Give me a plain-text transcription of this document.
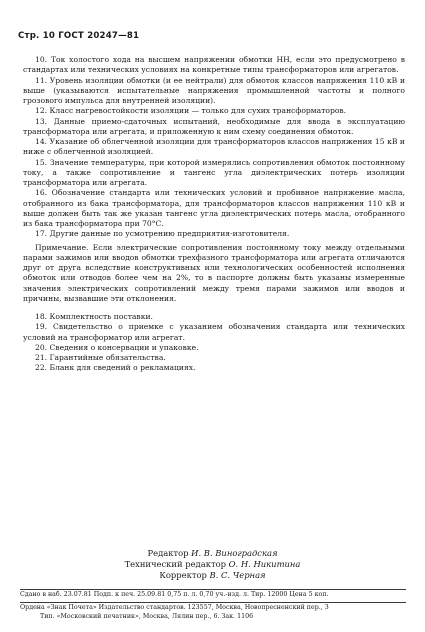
Стр. 10 ГОСТ 20247—81

10. Ток холостого хода на высшем напряжении обмотки НН, если это предусмотрено в стандартах или технических условиях на конкретные типы трансформаторов или агрегатов.

11. Уровень изоляции обмотки (и ее нейтрали) для обмоток классов напряжения 110 кВ и выше (указываются испытательные напряжения промышленной частоты и полного грозового импульса для внутренней изоляции).

12. Класс нагревостойкости изоляции — только для сухих трансформаторов.

13. Данные приемо-сдаточных испытаний, необходимые для ввода в эксплуатацию трансформатора или агрегата, и приложенную к ним схему соединения обмоток.

14. Указание об облегченной изоляции для трансформаторов классов напряжения 15 кВ и ниже с облегченной изоляцией.

15. Значение температуры, при которой измерялись сопротивления обмоток постоянному току, а также сопротивление и тангенс угла диэлектрических потерь изоляции трансформатора или агрегата.

16. Обозначение стандарта или технических условий и пробивное напряжение масла, отобранного из бака трансформатора, для трансформаторов классов напряжения 110 кВ и выше должен быть так же указан тангенс угла диэлектрических потерь масла, отобранного из бака трансформатора при 70°С.

17. Другие данные по усмотрению предприятия-изготовителя.

Примечание. Если электрические сопротивления постоянному току между отдельными парами зажимов или вводов обмотки трехфазного трансформатора или агрегата отличаются друг от друга вследствие конструктивных или технологических особенностей исполнения обмоток или отводов более чем на 2%, то в паспорте должны быть указаны измеренные значения электрических сопротивлений между тремя парами зажимов или вводов и причины, вызвавшие эти отклонения.

18. Комплектность поставки.

19. Свидетельство о приемке с указанием обозначения стандарта или технических условий на трансформатор или агрегат.

20. Сведения о консервации и упаковке.

21. Гарантийные обязательства.

22. Бланк для сведений о рекламациях.

Редактор И. В. Виноградская
Технический редактор О. Н. Никитина
Корректор В. С. Черная
Сдано в наб. 23.07.81 Подп. к печ. 25.09.81 0,75 п. л. 0,70 уч.-изд. л. Тир. 12000 Цена 5 коп.
Ордена «Знак Почета» Издательство стандартов. 123557, Москва, Новопресненский пер., 3
Тип. «Московский печатник», Москва, Лялин пер., 6. Зак. 1106
